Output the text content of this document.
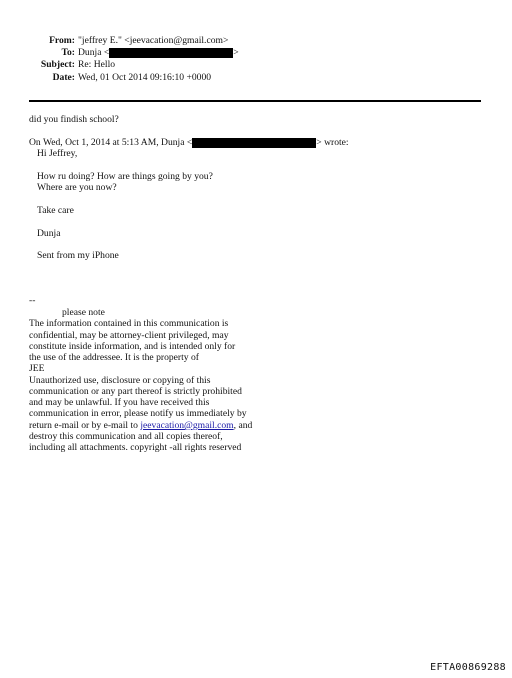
From: "jeffrey E." <jeevacation@gmail.com>
To: Dunja <	>
Subject: Re: Hello
Date: Wed, 01 Oct 2014 09:16:10 +0000
did you findish school?
On Wed, Oct 1, 2014 at 5:13 AM, Dunja <	> wrote:
Hi Jeffrey,
How ru doing? How are things going by you?
Where are you now?
Take care
Dunja
Sent from my iPhone
--
please note
The information contained in this communication is
confidential, may be attorney-client privileged, may
constitute inside information, and is intended only for
the use of the addressee. It is the property of
JEE
Unauthorized use, disclosure or copying of this
communication or any part thereof is strictly prohibited
and may be unlawful. If you have received this
communication in error, please notify us immediately by
return e-mail or by e-mail to jeevacation@gmail.com, and
destroy this communication and all copies thereof,
including all attachments. copyright -all rights reserved
EFTA00869288
